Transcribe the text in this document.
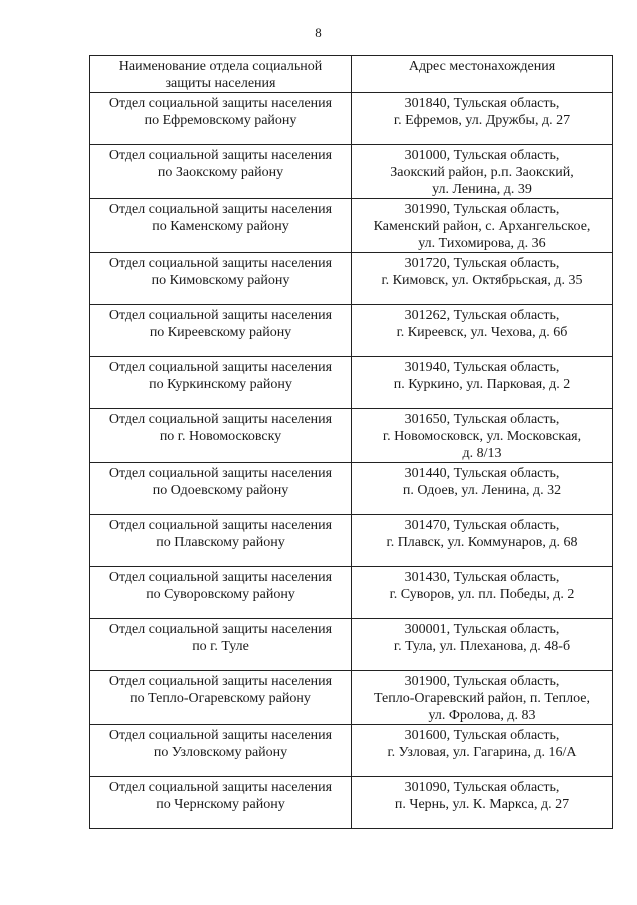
8
Наименование отдела социальной
защиты населения	Адрес местонахождения
Отдел социальной защиты населения
по Ефремовскому району	301840, Тульская область,
г. Ефремов, ул. Дружбы, д. 27
Отдел социальной защиты населения
по Заокскому району	301000, Тульская область,
Заокский район, р.п. Заокский,
ул. Ленина, д. 39
Отдел социальной защиты населения
по Каменскому району	301990, Тульская область,
Каменский район, с. Архангельское,
ул. Тихомирова, д. 36
Отдел социальной защиты населения
по Кимовскому району	301720, Тульская область,
г. Кимовск, ул. Октябрьская, д. 35
Отдел социальной защиты населения
по Киреевскому району	301262, Тульская область,
г. Киреевск, ул. Чехова, д. 6б
Отдел социальной защиты населения
по Куркинскому району	301940, Тульская область,
п. Куркино, ул. Парковая, д. 2
Отдел социальной защиты населения
по г. Новомосковску	301650, Тульская область,
г. Новомосковск, ул. Московская,
д. 8/13
Отдел социальной защиты населения
по Одоевскому району	301440, Тульская область,
п. Одоев, ул. Ленина, д. 32
Отдел социальной защиты населения
по Плавскому району	301470, Тульская область,
г. Плавск, ул. Коммунаров, д. 68
Отдел социальной защиты населения
по Суворовскому району	301430, Тульская область,
г. Суворов, ул. пл. Победы, д. 2
Отдел социальной защиты населения
по г. Туле	300001, Тульская область,
г. Тула, ул. Плеханова, д. 48-б
Отдел социальной защиты населения
по Тепло-Огаревскому району	301900, Тульская область,
Тепло-Огаревский район, п. Теплое,
ул. Фролова, д. 83
Отдел социальной защиты населения
по Узловскому району	301600, Тульская область,
г. Узловая, ул. Гагарина, д. 16/А
Отдел социальной защиты населения
по Чернскому району	301090, Тульская область,
п. Чернь, ул. К. Маркса, д. 27
